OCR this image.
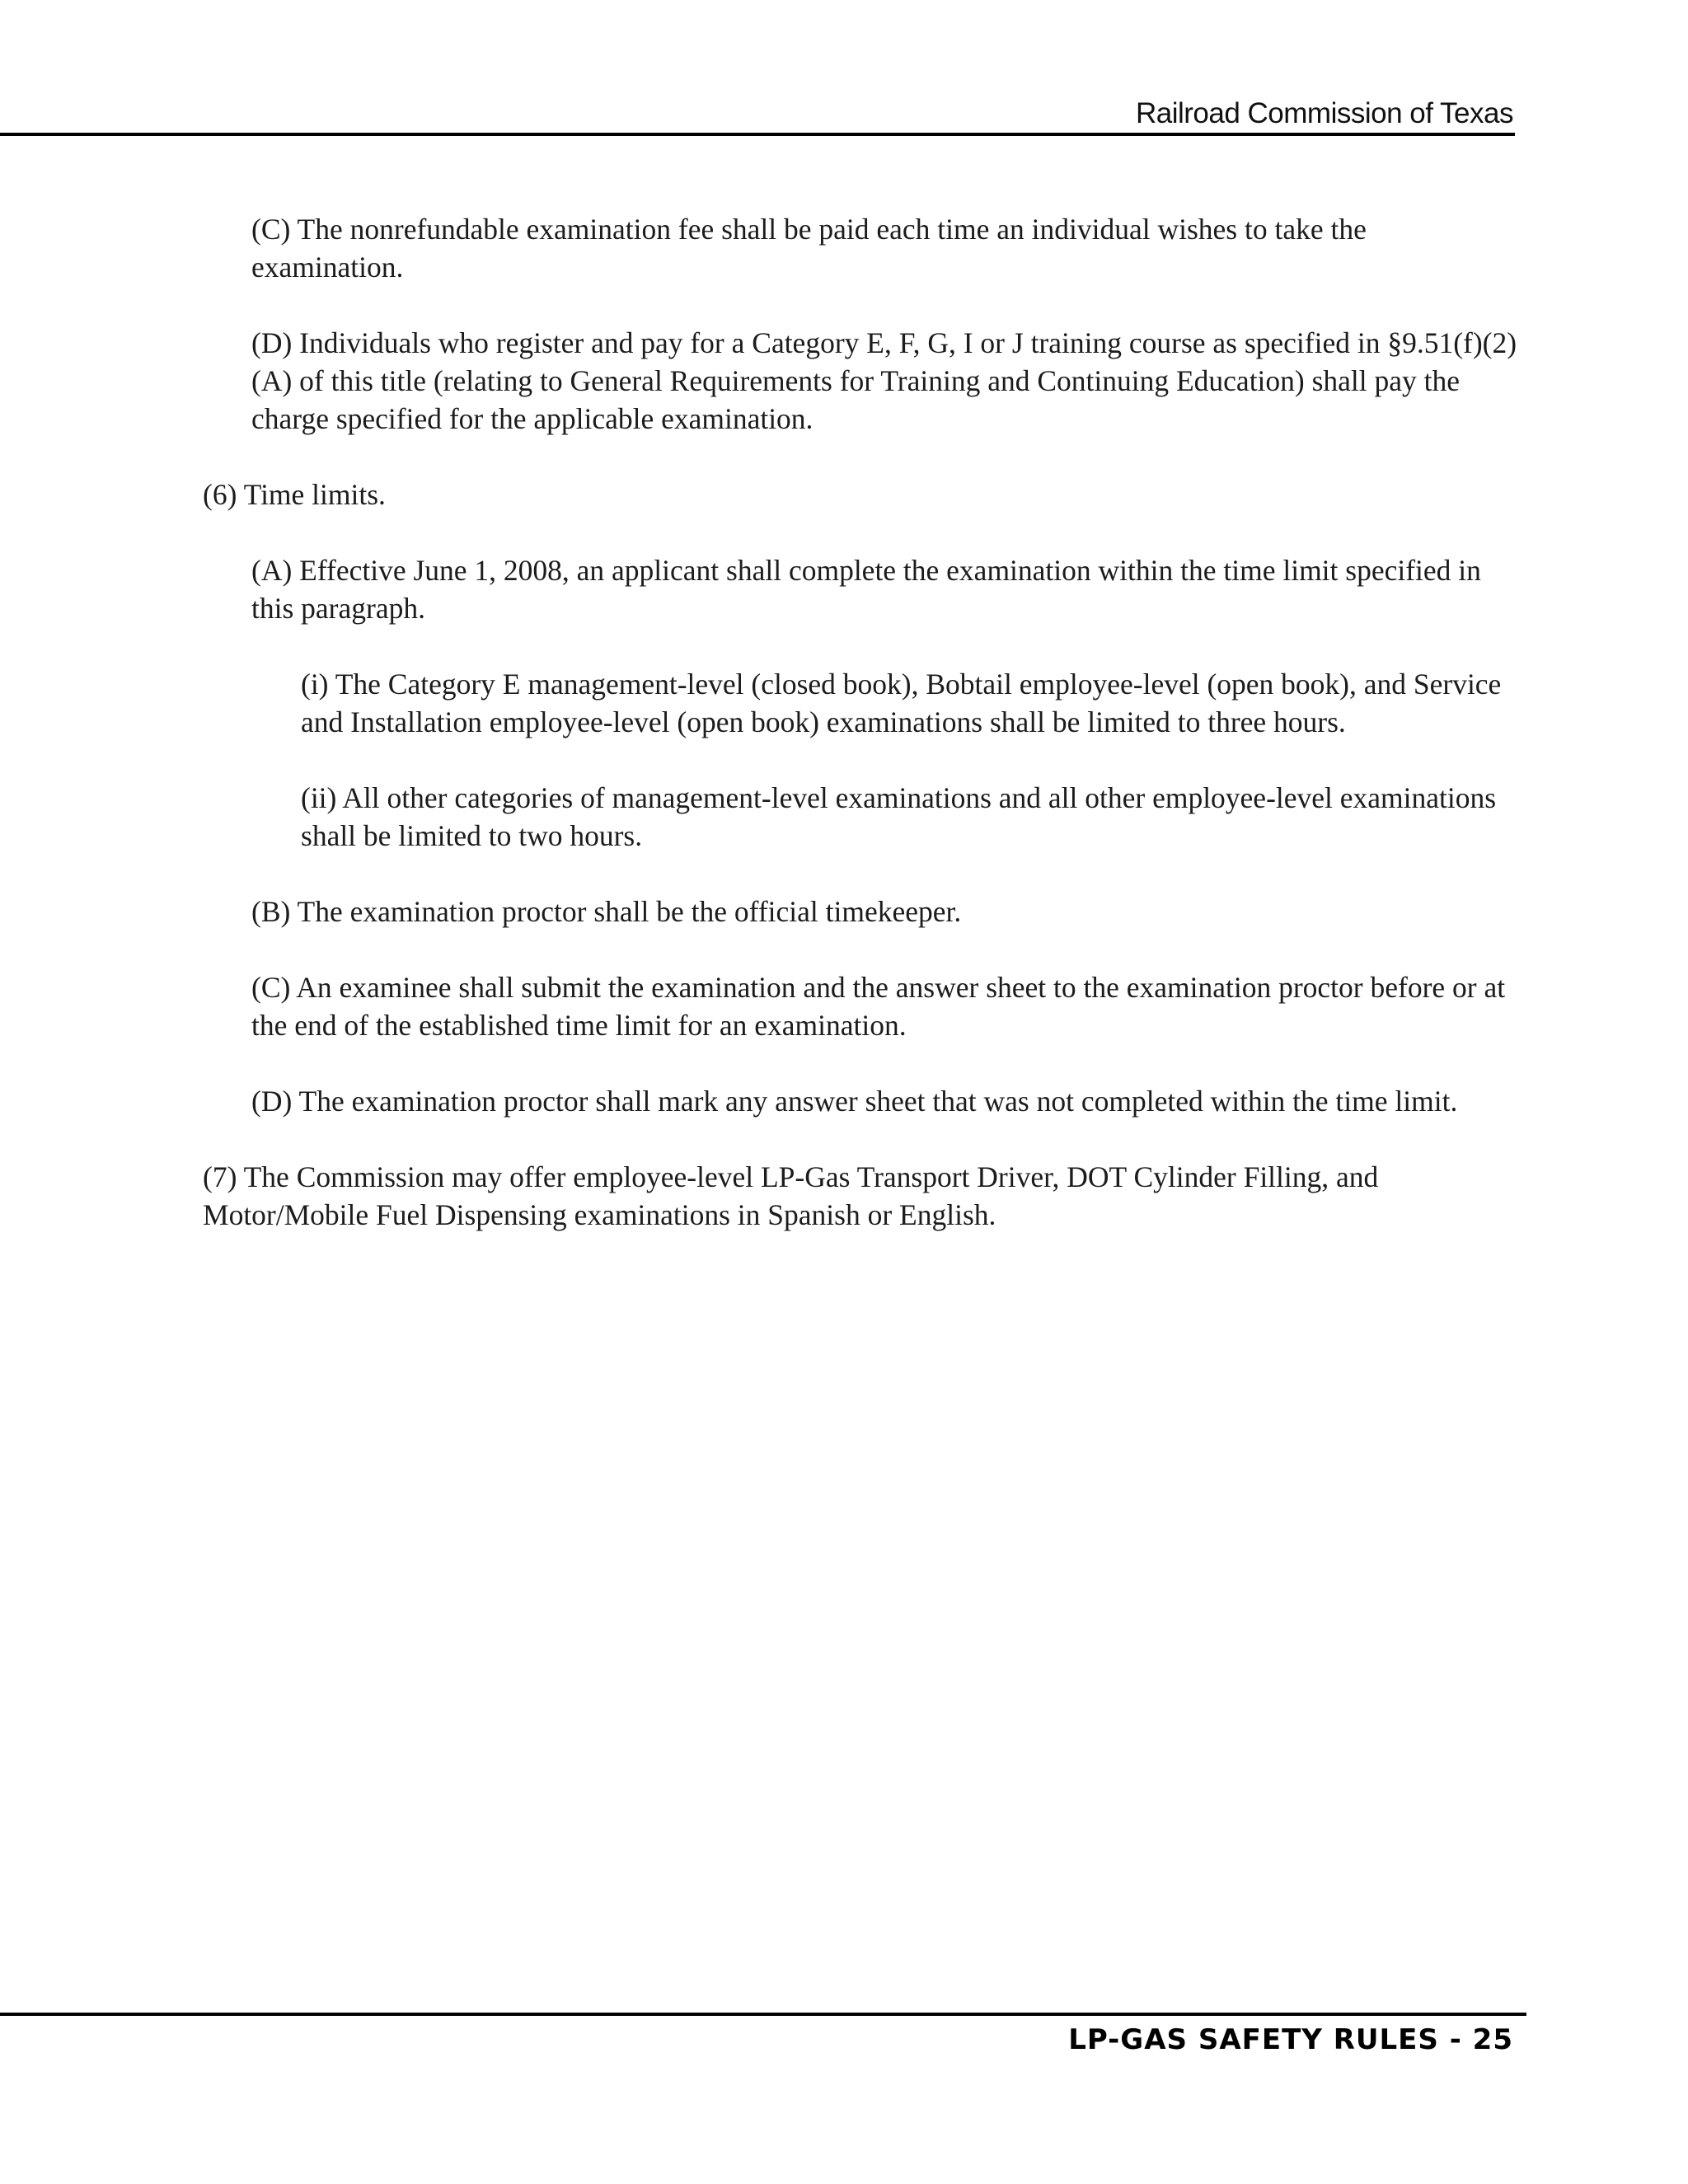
Railroad Commission of Texas

(C) The nonrefundable examination fee shall be paid each time an individual wishes to take the examination.

(D) Individuals who register and pay for a Category E, F, G, I or J training course as specified in §9.51(f)(2)(A) of this title (relating to General Requirements for Training and Continuing Education) shall pay the charge specified for the applicable examination.

(6) Time limits.

(A) Effective June 1, 2008, an applicant shall complete the examination within the time limit specified in this paragraph.

(i) The Category E management-level (closed book), Bobtail employee-level (open book), and Service and Installation employee-level (open book) examinations shall be limited to three hours.

(ii) All other categories of management-level examinations and all other employee-level examinations shall be limited to two hours.

(B) The examination proctor shall be the official timekeeper.

(C) An examinee shall submit the examination and the answer sheet to the examination proctor before or at the end of the established time limit for an examination.

(D) The examination proctor shall mark any answer sheet that was not completed within the time limit.

(7) The Commission may offer employee-level LP-Gas Transport Driver, DOT Cylinder Filling, and Motor/Mobile Fuel Dispensing examinations in Spanish or English.

LP-GAS SAFETY RULES - 25
